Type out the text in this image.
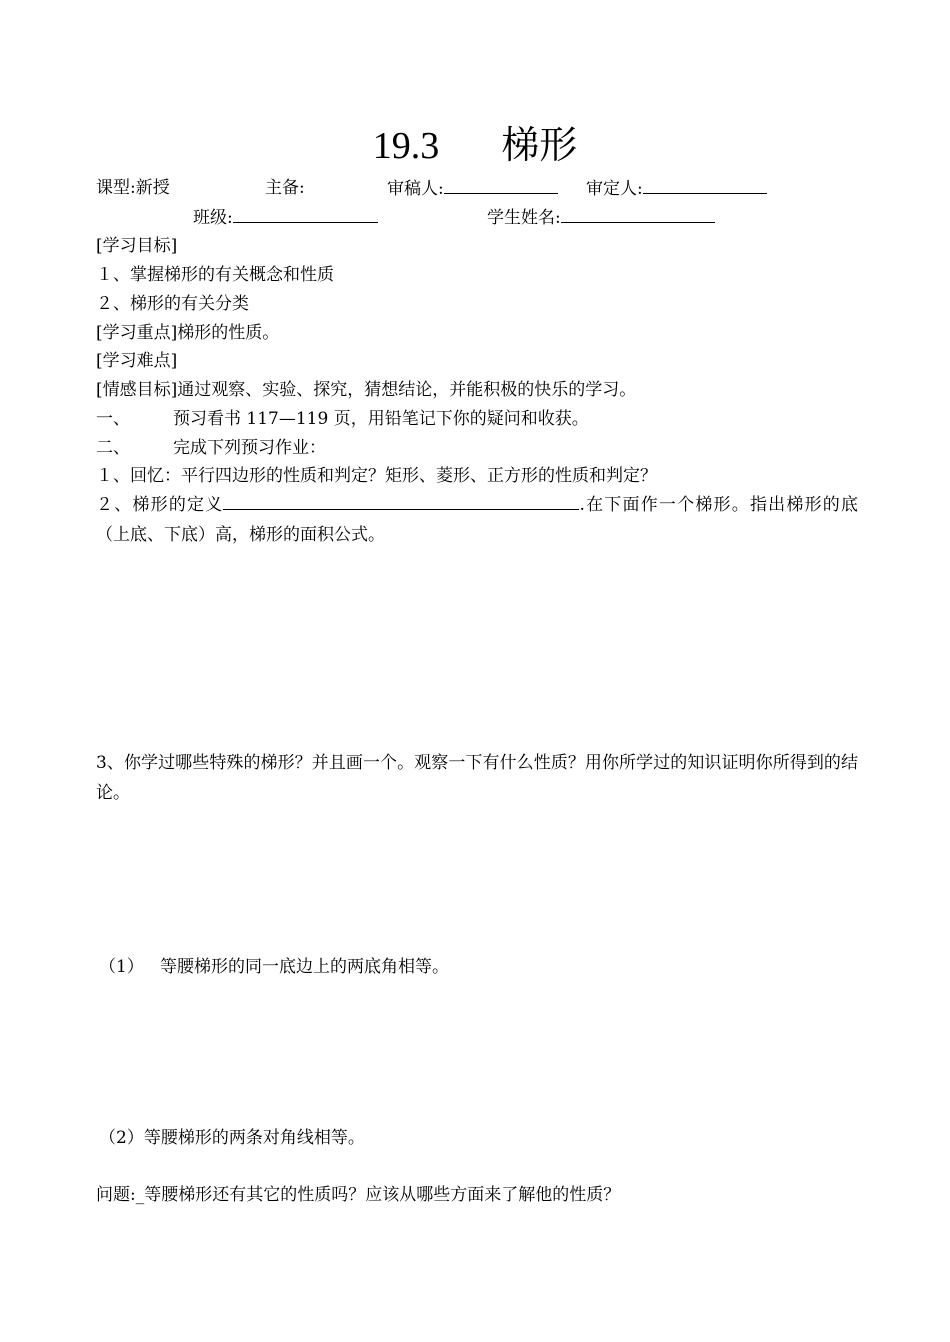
19.3 梯形
课型:新授	主备:	审稿人:	审定人:
班级:	学生姓名:
[学习目标]
１、掌握梯形的有关概念和性质
２、梯形的有关分类
[学习重点]梯形的性质。
[学习难点]
[情感目标]通过观察、实验、探究，猜想结论，并能积极的快乐的学习。
一、	预习看书 117—119 页，用铅笔记下你的疑问和收获。
二、	完成下列预习作业：
１、回忆：平行四边形的性质和判定？矩形、菱形、正方形的性质和判定？
２、梯形的定义	.在下面作一个梯形。指出梯形的底（上底、下底）高，梯形的面积公式。
3、你学过哪些特殊的梯形？并且画一个。观察一下有什么性质？用你所学过的知识证明你所得到的结论。
（1） 等腰梯形的同一底边上的两底角相等。
（2）等腰梯形的两条对角线相等。
问题:_等腰梯形还有其它的性质吗？应该从哪些方面来了解他的性质？
